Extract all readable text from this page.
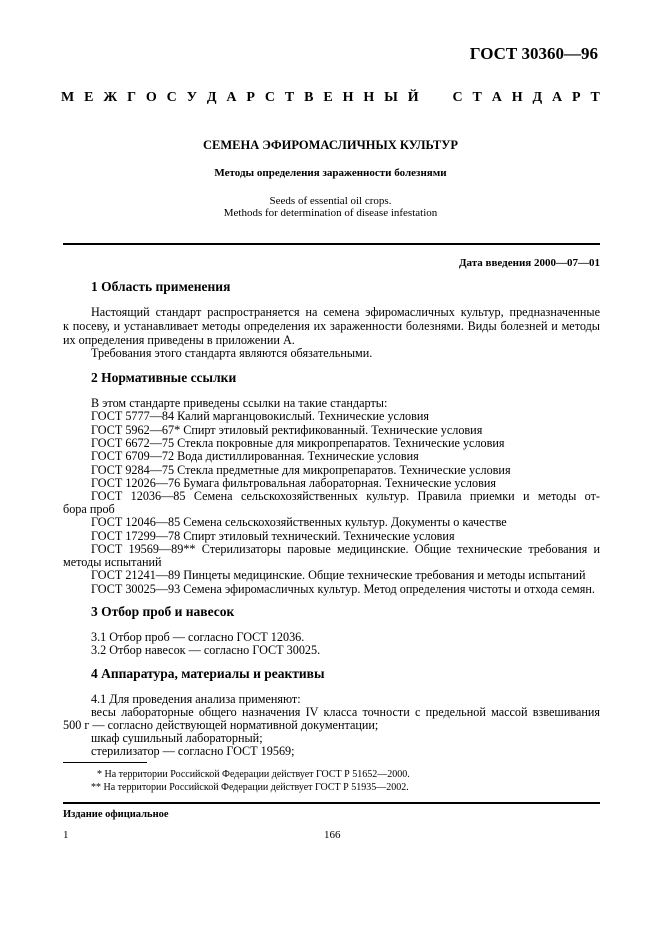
ГОСТ 30360—96
М Е Ж Г О С У Д А Р С Т В Е Н Н Ы Й С Т А Н Д А Р Т
СЕМЕНА ЭФИРОМАСЛИЧНЫХ КУЛЬТУР
Методы определения зараженности болезнями
Seeds of essential oil crops.
Methods for determination of disease infestation
Дата введения 2000—07—01
1 Область применения
Настоящий стандарт распространяется на семена эфиромасличных культур, предназначенные
к посеву, и устанавливает методы определения их зараженности болезнями. Виды болезней и методы
их определения приведены в приложении А.
Требования этого стандарта являются обязательными.
2 Нормативные ссылки
В этом стандарте приведены ссылки на такие стандарты:
ГОСТ 5777—84 Калий марганцовокислый. Технические условия
ГОСТ 5962—67* Спирт этиловый ректификованный. Технические условия
ГОСТ 6672—75 Стекла покровные для микропрепаратов. Технические условия
ГОСТ 6709—72 Вода дистиллированная. Технические условия
ГОСТ 9284—75 Стекла предметные для микропрепаратов. Технические условия
ГОСТ 12026—76 Бумага фильтровальная лабораторная. Технические условия
ГОСТ 12036—85 Семена сельскохозяйственных культур. Правила приемки и методы от-
бора проб
ГОСТ 12046—85 Семена сельскохозяйственных культур. Документы о качестве
ГОСТ 17299—78 Спирт этиловый технический. Технические условия
ГОСТ 19569—89** Стерилизаторы паровые медицинские. Общие технические требования и
методы испытаний
ГОСТ 21241—89 Пинцеты медицинские. Общие технические требования и методы испытаний
ГОСТ 30025—93 Семена эфиромасличных культур. Метод определения чистоты и отхода семян.
3 Отбор проб и навесок
3.1 Отбор проб — согласно ГОСТ 12036.
3.2 Отбор навесок — согласно ГОСТ 30025.
4 Аппаратура, материалы и реактивы
4.1 Для проведения анализа применяют:
весы лабораторные общего назначения IV класса точности с предельной массой взвешивания
500 г — согласно действующей нормативной документации;
шкаф сушильный лабораторный;
стерилизатор — согласно ГОСТ 19569;
* На территории Российской Федерации действует ГОСТ Р 51652—2000.
** На территории Российской Федерации действует ГОСТ Р 51935—2002.
Издание официальное
1	166
